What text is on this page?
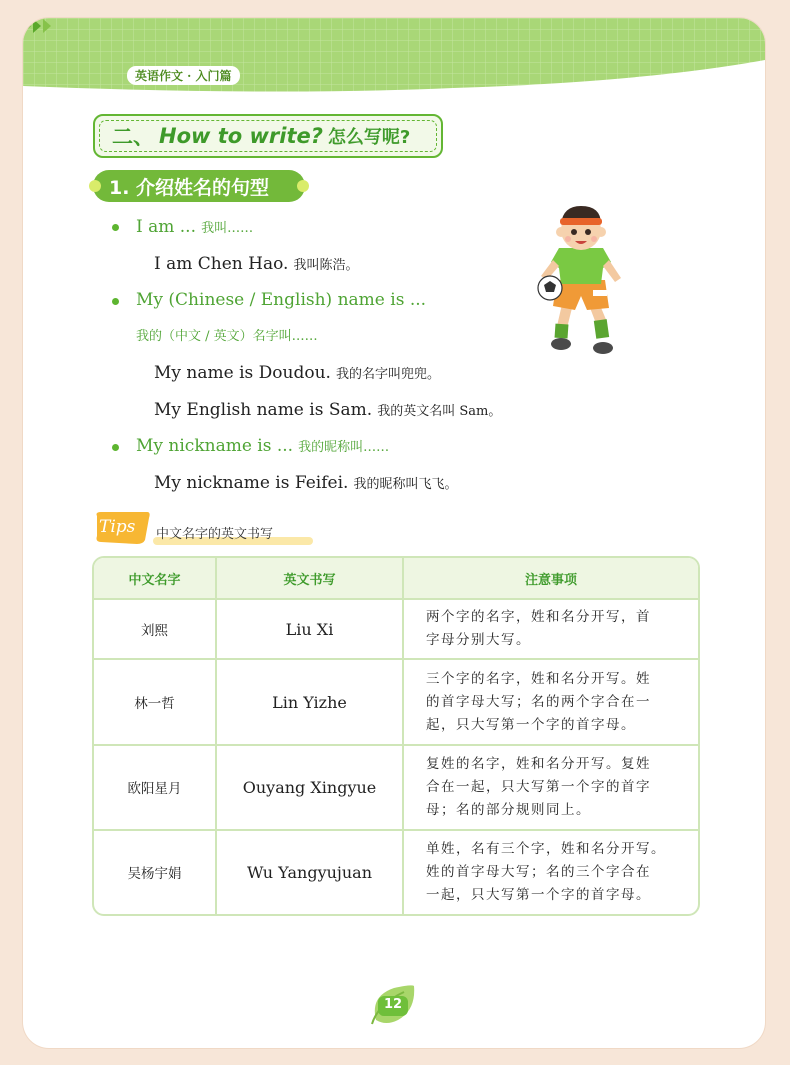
英语作文 · 入门篇
二、 How to write? 怎么写呢?
1. 介绍姓名的句型
I am ... 我叫……
I am Chen Hao. 我叫陈浩。
My (Chinese / English) name is ...
我的（中文 / 英文）名字叫……
My name is Doudou. 我的名字叫兜兜。
My English name is Sam. 我的英文名叫 Sam。
My nickname is ... 我的昵称叫……
My nickname is Feifei. 我的昵称叫飞飞。
Tips 中文名字的英文书写
中文名字	英文书写	注意事项
刘熙	Liu Xi	两个字的名字，姓和名分开写，首
字母分别大写。

林一哲	Lin Yizhe	三个字的名字，姓和名分开写。姓
的首字母大写；名的两个字合在一
起，只大写第一个字的首字母。

欧阳星月	Ouyang Xingyue	复姓的名字，姓和名分开写。复姓
合在一起，只大写第一个字的首字
母；名的部分规则同上。

吴杨宇娟	Wu Yangyujuan	单姓，名有三个字，姓和名分开写。
姓的首字母大写；名的三个字合在
一起，只大写第一个字的首字母。
12
